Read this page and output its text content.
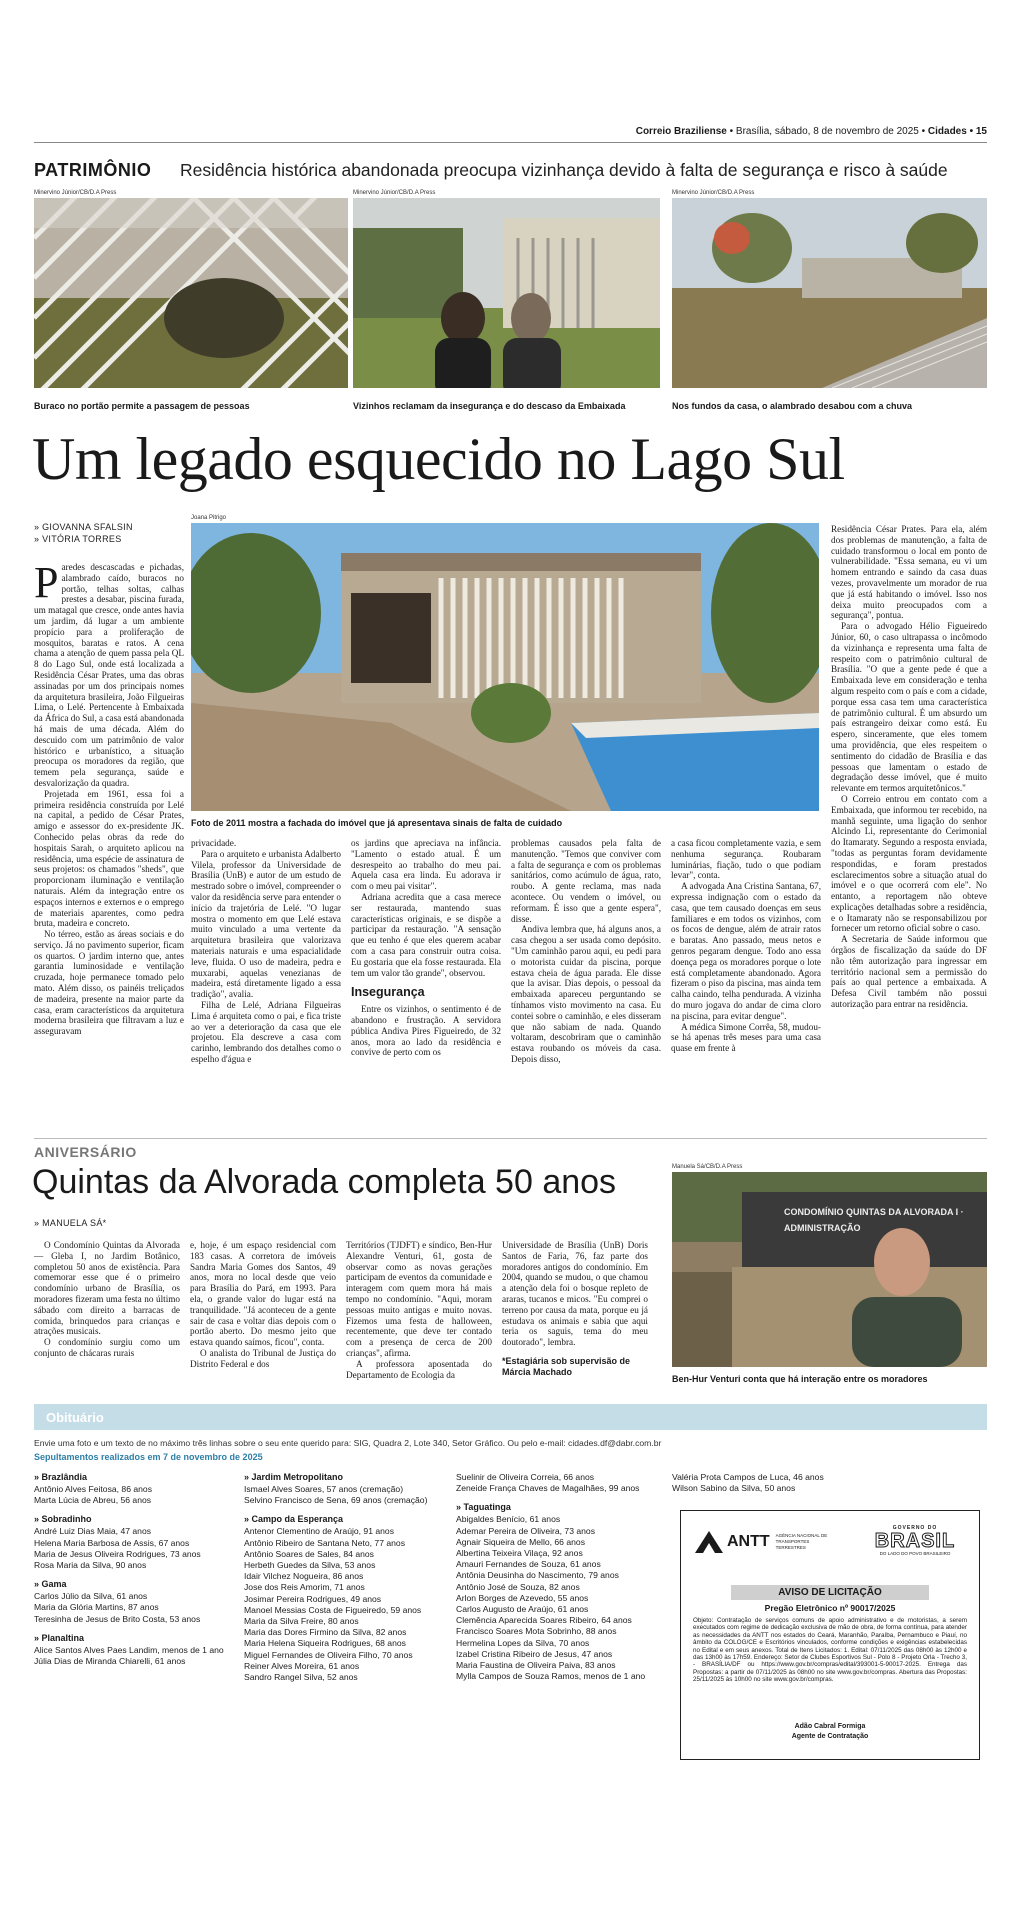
Correio Braziliense • Brasília, sábado, 8 de novembro de 2025 • Cidades • 15
PATRIMÔNIO Residência histórica abandonada preocupa vizinhança devido à falta de segurança e risco à saúde
Minervino Júnior/CB/D.A Press
Buraco no portão permite a passagem de pessoas
Minervino Júnior/CB/D.A Press
Vizinhos reclamam da insegurança e do descaso da Embaixada
Minervino Júnior/CB/D.A Press
Nos fundos da casa, o alambrado desabou com a chuva
Um legado esquecido no Lago Sul
» GIOVANNA SFALSIN
» VITÓRIA TORRES
Joana Pitrigo
Foto de 2011 mostra a fachada do imóvel que já apresentava sinais de falta de cuidado
P aredes descascadas e pichadas, alambrado caído, buracos no portão, telhas soltas, calhas prestes a desabar, piscina furada, um matagal que cresce, onde antes havia um jardim, dá lugar a um ambiente propício para a proliferação de mosquitos, baratas e ratos. A cena chama a atenção de quem passa pela QL 8 do Lago Sul, onde está localizada a Residência César Prates, uma das obras assinadas por um dos principais nomes da arquitetura brasileira, João Filgueiras Lima, o Lelé. Pertencente à Embaixada da África do Sul, a casa está abandonada há mais de uma década. Além do descuido com um patrimônio de valor histórico e urbanístico, a situação preocupa os moradores da região, que temem pela segurança, saúde e desvalorização da quadra.

Projetada em 1961, essa foi a primeira residência construída por Lelé na capital, a pedido de César Prates, amigo e assessor do ex-presidente JK. Conhecido pelas obras da rede do hospitais Sarah, o arquiteto aplicou na residência, uma espécie de assinatura de seus projetos: os chamados "sheds", que proporcionam iluminação e ventilação naturais. Além da integração entre os espaços internos e externos e o emprego de materiais aparentes, como pedra bruta, madeira e concreto.

No térreo, estão as áreas sociais e do serviço. Já no pavimento superior, ficam os quartos. O jardim interno que, antes garantia luminosidade e ventilação cruzada, hoje permanece tomado pelo mato. Além disso, os painéis treliçados de madeira, presente na maior parte da casa, eram característicos da arquitetura moderna brasileira que filtravam a luz e asseguravam

privacidade.

Para o arquiteto e urbanista Adalberto Vilela, professor da Universidade de Brasília (UnB) e autor de um estudo de mestrado sobre o imóvel, compreender o valor da residência serve para entender o início da trajetória de Lelé. "O lugar mostra o momento em que Lelé estava muito vinculado a uma vertente da arquitetura brasileira que valorizava materiais naturais e uma espacialidade leve, fluida. O uso de madeira, pedra e muxarabi, aquelas venezianas de madeira, está diretamente ligado a essa tradição", avalia.

Filha de Lelé, Adriana Filgueiras Lima é arquiteta como o pai, e fica triste ao ver a deterioração da casa que ele projetou. Ela descreve a casa com carinho, lembrando dos detalhes como o espelho d'água e

os jardins que apreciava na infância. "Lamento o estado atual. É um desrespeito ao trabalho do meu pai. Aquela casa era linda. Eu adorava ir com o meu pai visitar".

Adriana acredita que a casa merece ser restaurada, mantendo suas características originais, e se dispõe a participar da restauração. "A sensação que eu tenho é que eles querem acabar com a casa para construir outra coisa. Eu gostaria que ela fosse restaurada. Ela tem um valor tão grande", observou.

Insegurança

Entre os vizinhos, o sentimento é de abandono e frustração. A servidora pública Andiva Pires Figueiredo, de 32 anos, mora ao lado da residência e convive de perto com os

problemas causados pela falta de manutenção. "Temos que conviver com a falta de segurança e com os problemas sanitários, como acúmulo de água, rato, roubo. A gente reclama, mas nada acontece. Ou vendem o imóvel, ou reformam. É isso que a gente espera", disse.

Andiva lembra que, há alguns anos, a casa chegou a ser usada como depósito. "Um caminhão parou aqui, eu pedi para o motorista cuidar da piscina, porque estava cheia de água parada. Ele disse que la avisar. Dias depois, o pessoal da embaixada apareceu perguntando se tínhamos visto movimento na casa. Eu contei sobre o caminhão, e eles disseram que não sabiam de nada. Quando voltaram, descobriram que o caminhão estava roubando os móveis da casa. Depois disso,

a casa ficou completamente vazia, e sem nenhuma segurança. Roubaram luminárias, fiação, tudo o que podiam levar", conta.

A advogada Ana Cristina Santana, 67, expressa indignação com o estado da casa, que tem causado doenças em seus familiares e em todos os vizinhos, com os focos de dengue, além de atrair ratos e baratas. Ano passado, meus netos e genros pegaram dengue. Todo ano essa doença pega os moradores porque o lote está completamente abandonado. Agora fizeram o piso da piscina, mas ainda tem calha caindo, telha pendurada. A vizinha do muro jogava do andar de cima cloro na piscina, para evitar dengue".

A médica Simone Corrêa, 58, mudou-se há apenas três meses para uma casa quase em frente à

Residência César Prates. Para ela, além dos problemas de manutenção, a falta de cuidado transformou o local em ponto de vulnerabilidade. "Essa semana, eu vi um homem entrando e saindo da casa duas vezes, provavelmente um morador de rua que já está habitando o imóvel. Isso nos deixa muito preocupados com a segurança", pontua.

Para o advogado Hélio Figueiredo Júnior, 60, o caso ultrapassa o incômodo da vizinhança e representa uma falta de respeito com o patrimônio cultural de Brasília. "O que a gente pede é que a Embaixada leve em consideração e tenha algum respeito com o país e com a cidade, porque essa casa tem uma característica de patrimônio cultural. É um absurdo um país estrangeiro deixar como está. Eu espero, sinceramente, que eles tomem uma providência, que eles respeitem o sentimento do cidadão de Brasília e das pessoas que lamentam o estado de degradação desse imóvel, que é muito relevante em termos arquitetônicos."

O Correio entrou em contato com a Embaixada, que informou ter recebido, na manhã seguinte, uma ligação do senhor Alcindo Li, representante do Cerimonial do Itamaraty. Segundo a resposta enviada, "todas as perguntas foram devidamente respondidas, e foram prestados esclarecimentos sobre a situação atual do imóvel e o que ocorrerá com ele". No entanto, a reportagem não obteve explicações detalhadas sobre a residência, e o Itamaraty não se responsabilizou por fornecer um retorno oficial sobre o caso.

A Secretaria de Saúde informou que órgãos de fiscalização da saúde do DF não têm autorização para ingressar em território nacional sem a permissão do país ao qual pertence a embaixada. A Defesa Civil também não possui autorização para entrar na residência.

ANIVERSÁRIO
Quintas da Alvorada completa 50 anos
» MANUELA SÁ*

O Condomínio Quintas da Alvorada — Gleba I, no Jardim Botânico, completou 50 anos de existência. Para comemorar esse que é o primeiro condomínio urbano de Brasília, os moradores fizeram uma festa no último sábado com direito a barracas de comida, brinquedos para crianças e atrações musicais.

O condomínio surgiu como um conjunto de chácaras rurais

e, hoje, é um espaço residencial com 183 casas. A corretora de imóveis Sandra Maria Gomes dos Santos, 49 anos, mora no local desde que veio para Brasília do Pará, em 1993. Para ela, o grande valor do lugar está na tranquilidade. "Já aconteceu de a gente sair de casa e voltar dias depois com o portão aberto. Do mesmo jeito que estava quando saímos, ficou", conta.

O analista do Tribunal de Justiça do Distrito Federal e dos

Territórios (TJDFT) e síndico, Ben-Hur Alexandre Venturi, 61, gosta de observar como as novas gerações participam de eventos da comunidade e interagem com quem mora há mais tempo no condomínio. "Aqui, moram pessoas muito antigas e muito novas. Fizemos uma festa de halloween, recentemente, que deve ter contado com a presença de cerca de 200 crianças", afirma.

A professora aposentada do Departamento de Ecologia da

Universidade de Brasília (UnB) Doris Santos de Faria, 76, faz parte dos moradores antigos do condomínio. Em 2004, quando se mudou, o que chamou a atenção dela foi o bosque repleto de araras, tucanos e micos. "Eu comprei o terreno por causa da mata, porque eu já estudava os animais e sabia que aqui teria os saguis, tema do meu doutorado", lembra.

*Estagiária sob supervisão de Márcia Machado

Manuela Sá/CB/D.A Press
CONDOMÍNIO QUINTAS DA ALVORADA I · ADMINISTRAÇÃO
Ben-Hur Venturi conta que há interação entre os moradores
Obituário
Envie uma foto e um texto de no máximo três linhas sobre o seu ente querido para: SIG, Quadra 2, Lote 340, Setor Gráfico. Ou pelo e-mail: cidades.df@dabr.com.br
Sepultamentos realizados em 7 de novembro de 2025
» Brazlândia
Antônio Alves Feitosa, 86 anos
Marta Lúcia de Abreu, 56 anos
» Sobradinho
André Luiz Dias Maia, 47 anos
Helena Maria Barbosa de Assis, 67 anos
Maria de Jesus Oliveira Rodrigues, 73 anos
Rosa Maria da Silva, 90 anos
» Gama
Carlos Júlio da Silva, 61 anos
Maria da Glória Martins, 87 anos
Teresinha de Jesus de Brito Costa, 53 anos
» Planaltina
Alice Santos Alves Paes Landim, menos de 1 ano
Júlia Dias de Miranda Chiarelli, 61 anos
» Jardim Metropolitano
Ismael Alves Soares, 57 anos (cremação)
Selvino Francisco de Sena, 69 anos (cremação)
» Campo da Esperança
Antenor Clementino de Araújo, 91 anos
Antônio Ribeiro de Santana Neto, 77 anos
Antônio Soares de Sales, 84 anos
Herbeth Guedes da Silva, 53 anos
Idair Vilchez Nogueira, 86 anos
Jose dos Reis Amorim, 71 anos
Josimar Pereira Rodrigues, 49 anos
Manoel Messias Costa de Figueiredo, 59 anos
Maria da Silva Freire, 80 anos
Maria das Dores Firmino da Silva, 82 anos
Maria Helena Siqueira Rodrigues, 68 anos
Miguel Fernandes de Oliveira Filho, 70 anos
Reiner Alves Moreira, 61 anos
Sandro Rangel Silva, 52 anos
Suelinir de Oliveira Correia, 66 anos
Zeneide França Chaves de Magalhães, 99 anos
» Taguatinga
Abigaldes Benício, 61 anos
Ademar Pereira de Oliveira, 73 anos
Agnair Siqueira de Mello, 66 anos
Albertina Teixeira Vilaça, 92 anos
Amauri Fernandes de Souza, 61 anos
Antônia Deusinha do Nascimento, 79 anos
Antônio José de Souza, 82 anos
Arlon Borges de Azevedo, 55 anos
Carlos Augusto de Araújo, 61 anos
Clemência Aparecida Soares Ribeiro, 64 anos
Francisco Soares Mota Sobrinho, 88 anos
Hermelina Lopes da Silva, 70 anos
Izabel Cristina Ribeiro de Jesus, 47 anos
Maria Faustina de Oliveira Paiva, 83 anos
Mylla Campos de Souza Ramos, menos de 1 ano
Valéria Prota Campos de Luca, 46 anos
Wilson Sabino da Silva, 50 anos
ANTT AGÊNCIA NACIONAL DE TRANSPORTES TERRESTRES
GOVERNO DO
BRASIL
DO LADO DO POVO BRASILEIRO
AVISO DE LICITAÇÃO
Pregão Eletrônico nº 90017/2025
Objeto: Contratação de serviços comuns de apoio administrativo e de motoristas, a serem executados com regime de dedicação exclusiva de mão de obra, de forma contínua, para atender as necessidades da ANTT nos estados do Ceará, Maranhão, Paraíba, Pernambuco e Piauí, no âmbito da COLOG/CE e Escritórios vinculados, conforme condições e exigências estabelecidas no Edital e em seus anexos. Total de Itens Licitados: 1. Edital: 07/11/2025 das 08h00 às 12h00 e das 13h00 às 17h59. Endereço: Setor de Clubes Esportivos Sul - Polo 8 - Projeto Orla - Trecho 3, - BRASÍLIA/DF ou https://www.gov.br/compras/edital/393001-5-90017-2025. Entrega das Propostas: a partir de 07/11/2025 às 08h00 no site www.gov.br/compras. Abertura das Propostas: 25/11/2025 às 10h00 no site www.gov.br/compras.
Adão Cabral Formiga
Agente de Contratação
